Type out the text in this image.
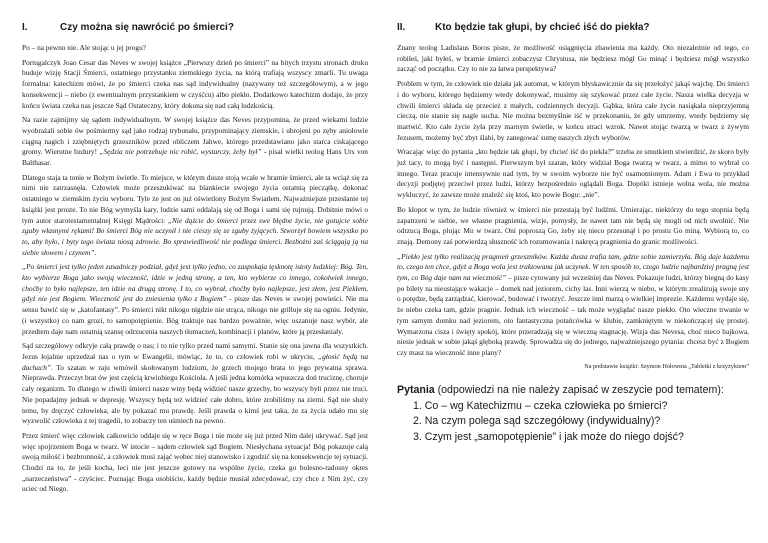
I.	Czy można się nawrócić po śmierci?

Po – na pewno nie. Ale stojąc u jej progu?

Portugalczyk Joao Cesar das Neves w swojej książce „Pierwszy dzień po śmierci” na bitych trzystu stronach druku buduje wizję Stacji Śmierci, ostatniego przystanku ziemskiego życia, na którą trafiają wszyscy zmarli. Tu uwaga formalna: katechizm mówi, że po śmierci czeka nas sąd indywidualny (nazywany też szczegółowym), a w jego konsekwencji – niebo (z ewentualnym przystankiem w czyśćcu) albo piekło. Dodatkowo katechizm dodaje, że przy końcu świata czeka nas jeszcze Sąd Ostateczny, który dokona się nad całą ludzkością.

Na razie zajmijmy się sądem indywidualnym. W swojej książce das Neves przypomina, że przed wiekami ludzie wyobrażali sobie ów pośmiertny sąd jako rodzaj trybunału, przypominający ziemskie, i ubrojeni po zęby aniołowie ciągną nagich i zziębniętych grzeszników przed obliczem Jahwe, którego przedstawiano jako starca ciskającego gromy. Wierutne bzdury! „Sędzia nie potrzebuje nic robić, wystarczy, żeby był” - pisał wielki teolog Hans Urs von Balthasar.

Dlatego staja ta tonie w Bożym świetle. To miejsce, w którym dusze stoją wcale w bramie śmierci, ale ta wciąż się za nimi nie zatrzasnęła. Człowiek może przeszukiwać na blankiecie swojego życia ostatnią pieczątkę, dokonać ostatniego w ziemskim życiu wyboru. Tyle że jest on już oświetlony Bożym Światłem. Najważniejsze przesłanie tej książki jest proste. To nie Bóg wymyśla kary, ludzie sami oddalają się od Boga i sami się rujnują. Dobitnie mówi o tym autor starotestamentalnej Księgi Mądrości: „Nie dążcie do śmierci przez swe błędne życie, nie gotujcie sobie zguby własnymi rękami! Bo śmierci Bóg nie uczynił i nie cieszy się ze zguby żyjących. Stworzył bowiem wszystko po to, aby było, i byty tego świata niosą zdrowie. Bo sprawiedliwość nie podlega śmierci. Bezbożni zaś ściągają ją na siebie słowem i czynem”.

„Po śmierci jest tylko jeden zasadniczy podział, gdyż jest tylko jedno, co zaspokaja tęsknotę istoty ludzkiej: Bóg. Ten, kto wybierze Boga jako swoją wieczność, idzie w jedną stronę, a ten, kto wybierze co innego, cokolwiek innego, choćby to było najlepsze, ten idzie na drugą stronę. I to, co wybrał, choćby było najlepsze, jest złem, jest Piekłem, gdyż nie jest Bogiem. Wieczność jest do zniesienia tylko z Bogiem” - pisze das Neves w swojej powieści. Nie ma sensu bawić się w „katofantasy”. Po śmierci nikt nikogo nigdzie nie strąca, nikogo nie grilluje się na ogniu. Jedynie, (i wszystko) co nam grozi, to samopotępienie. Bóg traktuje nas bardzo poważnie, więc uszanuje nasz wybór, ale przedtem daje nam ostatnią szansę odrzucenia naszych tłumaczeń, kombinacji i planów, które ją przesłaniały.

Sąd szczegółowy odkryje całą prawdę o nas; i to nie tylko przed nami samymi. Stanie się ona jawna dla wszystkich. Jezus łojalnie uprzedzał nas o tym w Ewangelii, mówiąc, że to, co człowiek robi w ukryciu, „głosić będą na dachach”. To szatan w raju wmówił skołowanym ludziom, że grzech mojego brata to jego prywatna sprawa. Nieprawda. Przeczyt brat ów jest częścią krwiobiegu Kościoła. A jeśli jedna komórka wpuszcza doń truciznę, choruje cały organizm. To dlatego w chwili śmierci nasze winy będą widzieć nasze grzechy, bo wszyscy byli przez nie truci. Nie popadajmy jednak w depresję. Wszyscy będą też widzieć całe dobro, które zrobiliśmy na ziemi. Sąd nie służy temu, by dręczyć człowieka, ale by pokazać mu prawdę. Jeśli prawda o kimś jest taka, że za życia udało mu się wyzwolić człowieka z tej tragedii, to zobaczy ten uśmiech na pewno.

Przez śmierć więc człowiek całkowicie oddaje się w ręce Boga i nie może się już przed Nim dalej ukrywać. Sąd jest więc spojrzeniem Boga w twarz. W istocie – sądem człowiek sąd Bogiem. Niesłychana sytuacja! Bóg pokazuje całą swoją miłość i bezbronność, a człowiek musi zająć wobec niej stanowisko i zgodzić się na konsekwencje tej sytuacji. Chodzi na to, że jeśli kocha, leci nie jest jeszcze gotowy na wspólne życie, czeka go bolesno-radosny okres „narzeczeństwa” - czyściec. Poznając Boga osobiście, każdy będzie musiał zdecydować, czy chce z Nim żyć, czy uciec od Niego.

II.	Kto będzie tak głupi, by chcieć iść do piekła?

Znany teolog Ladislaus Boros pisze, że możliwość osiągnięcia zbawienia ma każdy. Oto niezależnie od tego, co robiłeś, jaki byłeś, w bramie śmierci zobaczysz Chrystusa, nie będziesz mógł Go minąć i będziesz mógł wszystko zacząć od początku. Czy to nie za łatwa perspektywa?

Problem w tym, że człowiek nie działa jak automat, w którym błyskawicznie da się przełożyć jakąś wajchę. Do śmierci i do wyboru, którego będziemy wtedy dokonywać, musimy się szykować przez całe życie. Nasza wielka decyzja w chwili śmierci składa się przecież z małych, codziennych decyzji. Gąbka, która całe życie nasiąkała nieprzyjemną cieczą, nie stanie się nagle sucha. Nie można bezmyślnie iść w przekonaniu, że gdy umrzemy, wtedy będziemy się martwić. Kto całe życie żyła przy marnym świetle, w końcu straci wzrok. Nawet stojąc twarzą w twarz z żywym Jezusem, możemy być zbyt ślabi, by zanegować sumę naszych złych wyborów.

Wracając więc do pytania „kto będzie tak głupi, by chcieć iść do piekła?” trzeba ze smutkiem stwierdzić, że skoro były już tacy, to mogą być i następni. Pierwszym był szatan, który widział Boga twarzą w twarz, a mimo to wybrał co innego. Teraz pracuje intensywnie nad tym, by w swoim wyborze nie być osamotnionym. Adam i Ewa to przykład decyzji podjętej przeciwł przez ludzi, którzy bezpośrednio oglądali Boga. Dopóki istnieje wolna wola, nie można wykluczyć, że zawsze może znaleźć się ktoś, kto powie Bogu: „nie”.

Bo kłopot w tym, że ludzie również w śmierci nie przestają być ludźmi. Umierając, niektórzy do tego stopnia będą zapatrzeni w siebie, we własne pragnienia, wizje, pomysły, że nawet tam nie będą się mogli od nich uwolnić. Nie odrzucą Boga, plując Mu w twarz. Oni poproszą Go, żeby się nieco przesunął i po prostu Go miną. Wybiorą to, co znają. Demony zaś potwierdzą słuszność ich rozumowania i nakręcą pragnienia do granic możliwości.

„Piekło jest tylko realizacją pragnień grzeszników. Każda dusza trafia tam, gdzie sobie zamierzyła. Bóg daje każdemu to, czego ten chce, gdyż a Boga wola jest traktowana jak uczynek. W ten sposób to, czego ludzie najbardziej pragną jest tym, co Bóg daje nam na wieczność” – pisze cytowany już wcześniej das Neves. Pokazuje ludzi, którzy biegną do kasy po bilety na nieustające wakacje – domek nad jeziorem, cichy las. Inni wierzą w niebo, w którym zrealizują swoje sny o potędze, będą zarządzać, kierować, budować i tworzyć. Jeszcze inni marzą o wielkiej imprezie. Każdemu wydaje się, że niebo czeka tam, gdzie pragnie. Jednak ich wieczność – tak może wyglądać nasze piekło. Oto wieczne trwanie w tym samym domku nad jeziorem, oto fantastyczna potańcówka w klubie, zamkniętym w niekończącej się prostej. Wymarzona cisza i święty spokój, które przeradzają się w wieczną stagnację. Wizja das Nevesa, choć nieco bajkowa, niesie jednak w sobie jakąś głęboką prawdę. Sprowadza się do jednego, najważniejszego pytania: chcesz być z Bogiem czy masz na wieczność inne plany?

Na podstawie książki: Szymon Hołownia „Tabletki z krzyżykiem”

Pytania (odpowiedzi na nie należy zapisać w zeszycie pod tematem):
1. Co – wg Katechizmu – czeka człowieka po śmierci?
2. Na czym polega sąd szczegółowy (indywidualny)?
3. Czym jest „samopotępienie” i jak może do niego dojść?
